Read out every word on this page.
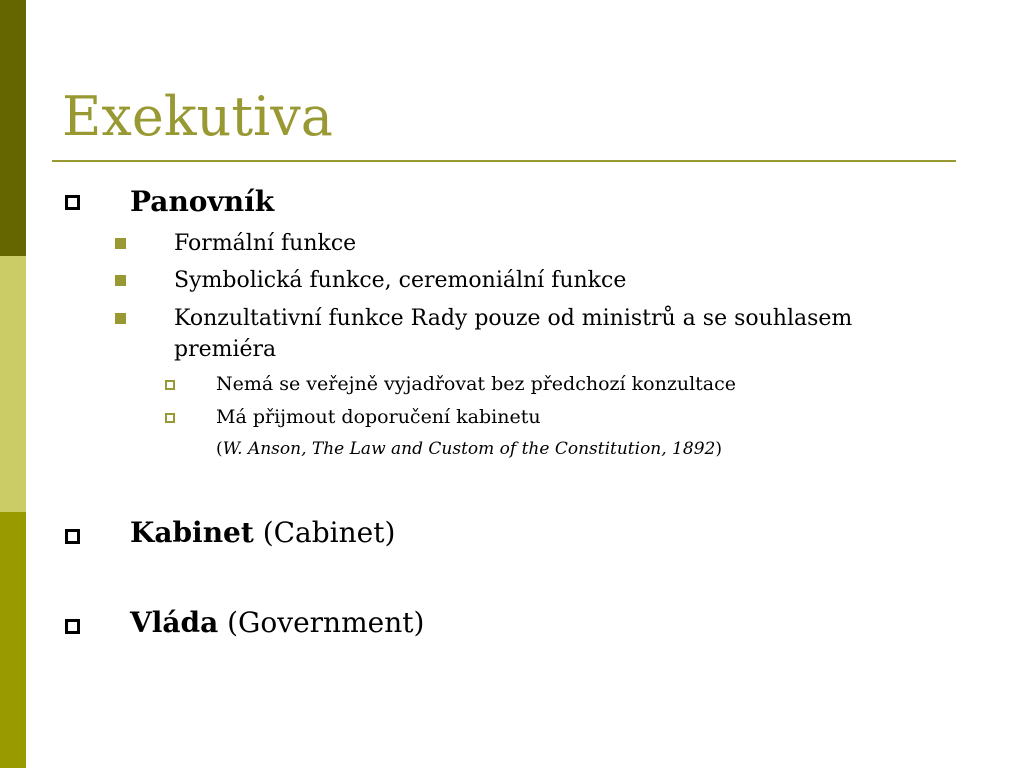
Exekutiva
Panovník
Formální funkce
Symbolická funkce, ceremoniální funkce
Konzultativní funkce Rady pouze od ministrů a se souhlasem
premiéra
Nemá se veřejně vyjadřovat bez předchozí konzultace
Má přijmout doporučení kabinetu
(W. Anson, The Law and Custom of the Constitution, 1892)
Kabinet (Cabinet)
Vláda (Government)
